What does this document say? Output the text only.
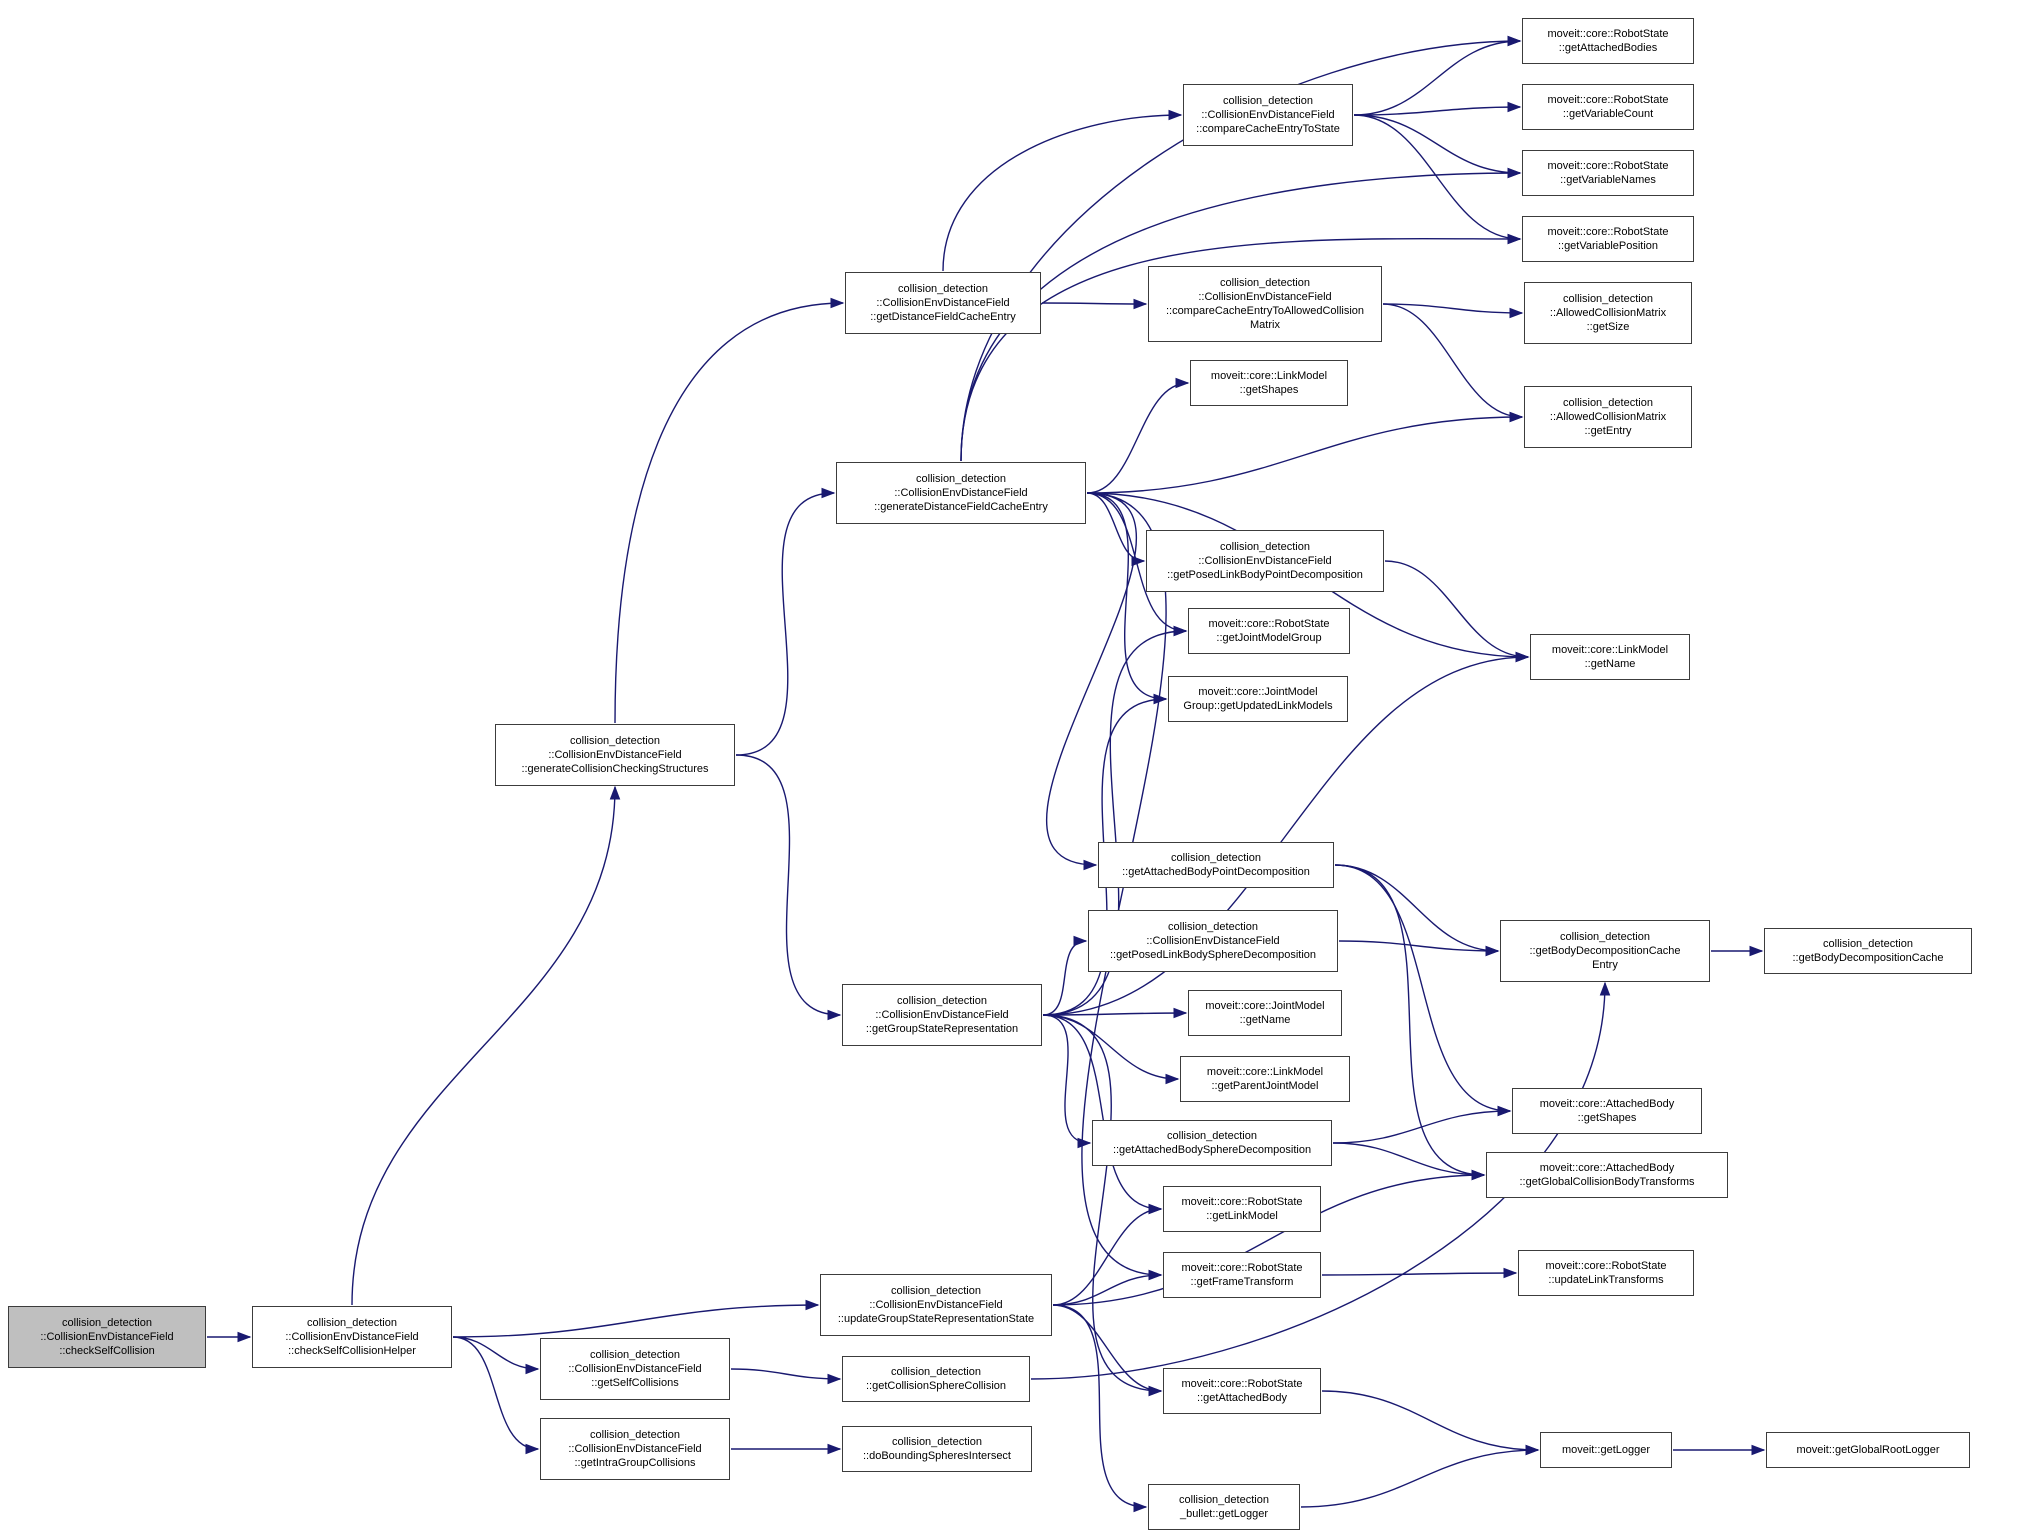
collision_detection
::CollisionEnvDistanceField
::checkSelfCollision
collision_detection
::CollisionEnvDistanceField
::checkSelfCollisionHelper
collision_detection
::CollisionEnvDistanceField
::generateCollisionCheckingStructures
collision_detection
::CollisionEnvDistanceField
::getSelfCollisions
collision_detection
::CollisionEnvDistanceField
::getIntraGroupCollisions
collision_detection
::CollisionEnvDistanceField
::getDistanceFieldCacheEntry
collision_detection
::CollisionEnvDistanceField
::generateDistanceFieldCacheEntry
collision_detection
::CollisionEnvDistanceField
::getGroupStateRepresentation
collision_detection
::CollisionEnvDistanceField
::updateGroupStateRepresentationState
collision_detection
::getCollisionSphereCollision
collision_detection
::doBoundingSpheresIntersect
collision_detection
::CollisionEnvDistanceField
::compareCacheEntryToState
collision_detection
::CollisionEnvDistanceField
::compareCacheEntryToAllowedCollision
Matrix
moveit::core::LinkModel
::getShapes
collision_detection
::CollisionEnvDistanceField
::getPosedLinkBodyPointDecomposition
moveit::core::RobotState
::getJointModelGroup
moveit::core::JointModel
Group::getUpdatedLinkModels
collision_detection
::getAttachedBodyPointDecomposition
collision_detection
::CollisionEnvDistanceField
::getPosedLinkBodySphereDecomposition
moveit::core::JointModel
::getName
moveit::core::LinkModel
::getParentJointModel
collision_detection
::getAttachedBodySphereDecomposition
moveit::core::RobotState
::getLinkModel
moveit::core::RobotState
::getFrameTransform
moveit::core::RobotState
::getAttachedBody
collision_detection
_bullet::getLogger
moveit::core::RobotState
::getAttachedBodies
moveit::core::RobotState
::getVariableCount
moveit::core::RobotState
::getVariableNames
moveit::core::RobotState
::getVariablePosition
collision_detection
::AllowedCollisionMatrix
::getSize
collision_detection
::AllowedCollisionMatrix
::getEntry
moveit::core::LinkModel
::getName
collision_detection
::getBodyDecompositionCache
Entry
moveit::core::AttachedBody
::getShapes
moveit::core::AttachedBody
::getGlobalCollisionBodyTransforms
moveit::core::RobotState
::updateLinkTransforms
moveit::getLogger
collision_detection
::getBodyDecompositionCache
moveit::getGlobalRootLogger
